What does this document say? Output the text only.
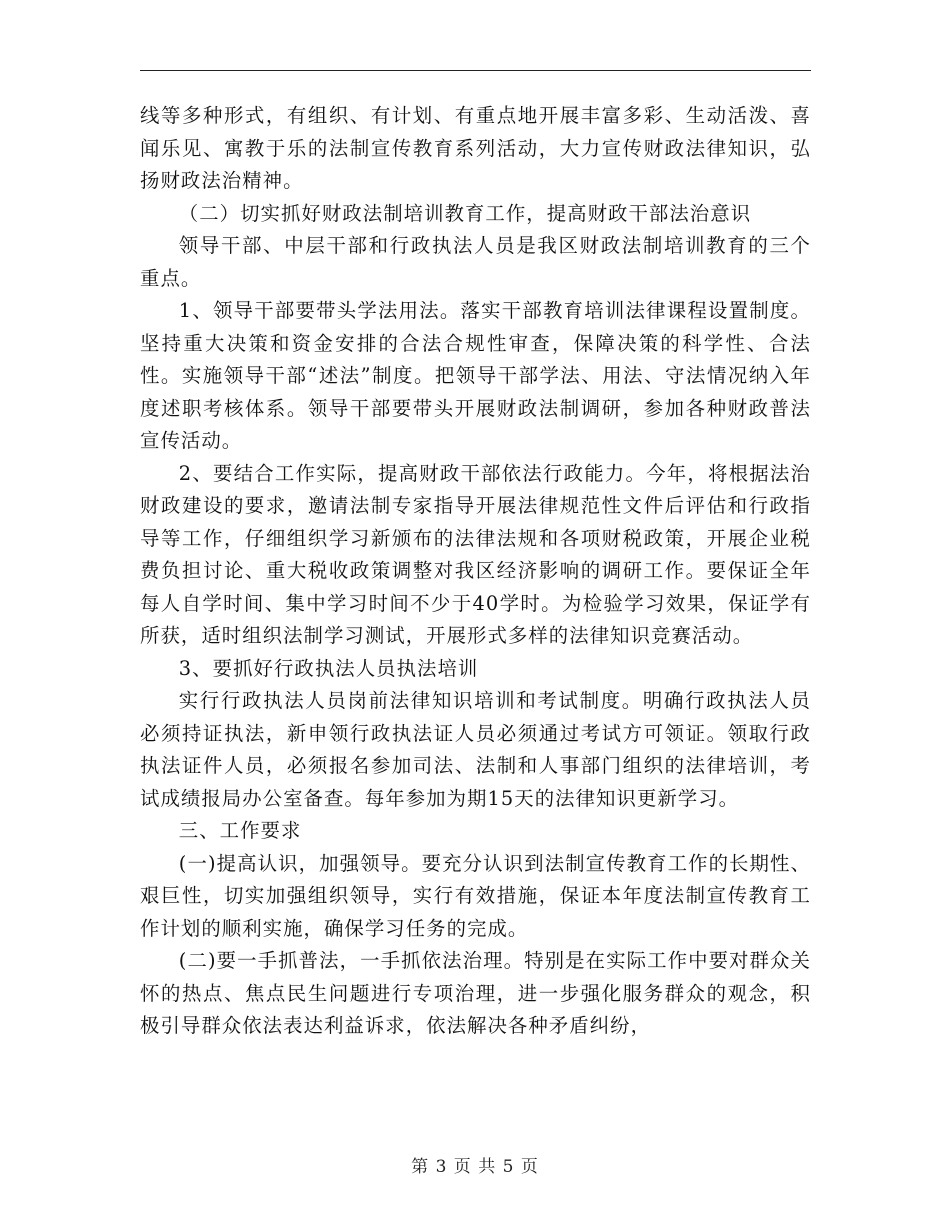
线等多种形式，有组织、有计划、有重点地开展丰富多彩、生动活泼、喜闻乐见、寓教于乐的法制宣传教育系列活动，大力宣传财政法律知识，弘扬财政法治精神。

（二）切实抓好财政法制培训教育工作，提高财政干部法治意识

领导干部、中层干部和行政执法人员是我区财政法制培训教育的三个重点。

1、领导干部要带头学法用法。落实干部教育培训法律课程设置制度。坚持重大决策和资金安排的合法合规性审查，保障决策的科学性、合法性。实施领导干部“述法”制度。把领导干部学法、用法、守法情况纳入年度述职考核体系。领导干部要带头开展财政法制调研，参加各种财政普法宣传活动。

2、要结合工作实际，提高财政干部依法行政能力。今年，将根据法治财政建设的要求，邀请法制专家指导开展法律规范性文件后评估和行政指导等工作，仔细组织学习新颁布的法律法规和各项财税政策，开展企业税费负担讨论、重大税收政策调整对我区经济影响的调研工作。要保证全年每人自学时间、集中学习时间不少于40学时。为检验学习效果，保证学有所获，适时组织法制学习测试，开展形式多样的法律知识竞赛活动。

3、要抓好行政执法人员执法培训

实行行政执法人员岗前法律知识培训和考试制度。明确行政执法人员必须持证执法，新申领行政执法证人员必须通过考试方可领证。领取行政执法证件人员，必须报名参加司法、法制和人事部门组织的法律培训，考试成绩报局办公室备查。每年参加为期15天的法律知识更新学习。

三、工作要求

(一)提高认识，加强领导。要充分认识到法制宣传教育工作的长期性、艰巨性，切实加强组织领导，实行有效措施，保证本年度法制宣传教育工作计划的顺利实施，确保学习任务的完成。

(二)要一手抓普法，一手抓依法治理。特别是在实际工作中要对群众关怀的热点、焦点民生问题进行专项治理，进一步强化服务群众的观念，积极引导群众依法表达利益诉求，依法解决各种矛盾纠纷，

第 3 页 共 5 页
